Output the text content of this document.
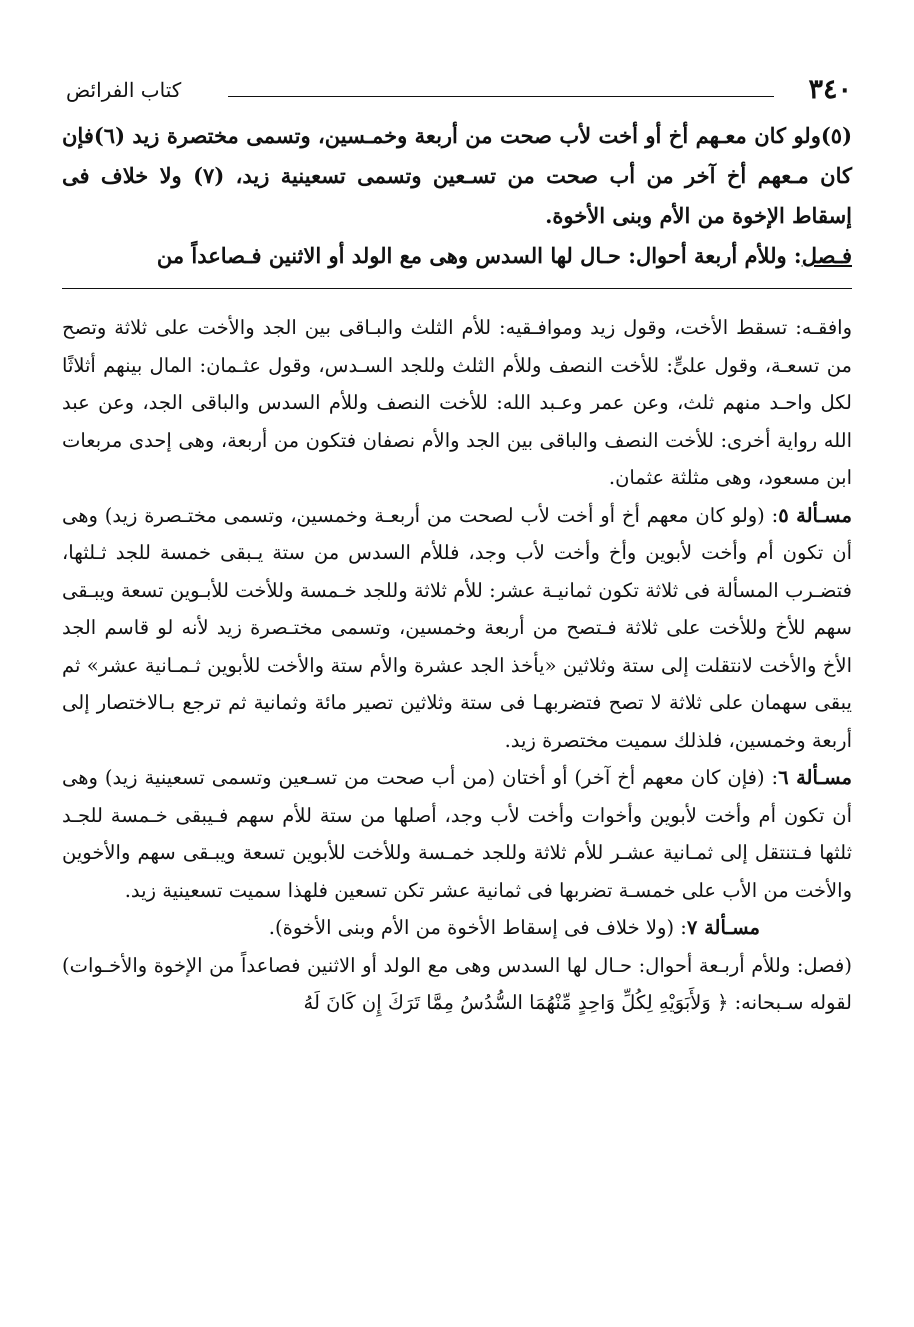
٣٤٠
كتاب الفرائض

(٥)ولو كان معـهم أخ أو أخت لأب صحت من أربعة وخمـسين، وتسمى مختصرة زيد (٦)فإن كان مـعهم أخ آخر من أب صحت من تسـعين وتسمى تسعينية زيد، (٧) ولا خلاف فى إسقاط الإخوة من الأم وبنى الأخوة.

فـصل: وللأم أربعة أحوال: حـال لها السدس وهى مع الولد أو الاثنين فـصاعداً من

وافقـه: تسقط الأخت، وقول زيد وموافـقيه: للأم الثلث والبـاقى بين الجد والأخت على ثلاثة وتصح من تسعـة، وقول علىٍّ: للأخت النصف وللأم الثلث وللجد السـدس، وقول عثـمان: المال بينهم أثلاثًا لكل واحـد منهم ثلث، وعن عمر وعـبد الله: للأخت النصف وللأم السدس والباقى الجد، وعن عبد الله رواية أخرى: للأخت النصف والباقى بين الجد والأم نصفان فتكون من أربعة، وهى إحدى مربعات ابن مسعود، وهى مثلثة عثمان.

مسـألة ٥: (ولو كان معهم أخ أو أخت لأب لصحت من أربعـة وخمسين، وتسمى مختـصرة زيد) وهى أن تكون أم وأخت لأبوين وأخ وأخت لأب وجد، فللأم السدس من ستة يـبقى خمسة للجد ثـلثها، فتضـرب المسألة فى ثلاثة تكون ثمانيـة عشر: للأم ثلاثة وللجد خـمسة وللأخت للأبـوين تسعة ويبـقى سهم للأخ وللأخت على ثلاثة فـتصح من أربعة وخمسين، وتسمى مختـصرة زيد لأنه لو قاسم الجد الأخ والأخت لانتقلت إلى ستة وثلاثين «يأخذ الجد عشرة والأم ستة والأخت للأبوين ثـمـانية عشر» ثم يبقى سهمان على ثلاثة لا تصح فتضربهـا فى ستة وثلاثين تصير مائة وثمانية ثم ترجع بـالاختصار إلى أربعة وخمسين، فلذلك سميت مختصرة زيد.

مسـألة ٦: (فإن كان معهم أخ آخر) أو أختان (من أب صحت من تسـعين وتسمى تسعينية زيد) وهى أن تكون أم وأخت لأبوين وأخوات وأخت لأب وجد، أصلها من ستة للأم سهم فـيبقى خـمسة للجـد ثلثها فـتنتقل إلى ثمـانية عشـر للأم ثلاثة وللجد خمـسة وللأخت للأبوين تسعة ويبـقى سهم والأخوين والأخت من الأب على خمسـة تضربها فى ثمانية عشر تكن تسعين فلهذا سميت تسعينية زيد.

مسـألة ٧: (ولا خلاف فى إسقاط الأخوة من الأم وبنى الأخوة).

(فصل: وللأم أربـعة أحوال: حـال لها السدس وهى مع الولد أو الاثنين فصاعداً من الإخوة والأخـوات) لقوله سـبحانه: ﴿ وَلأَبَوَيْهِ لِكُلِّ وَاحِدٍ مِّنْهُمَا السُّدُسُ مِمَّا تَرَكَ إِن كَانَ لَهُ
